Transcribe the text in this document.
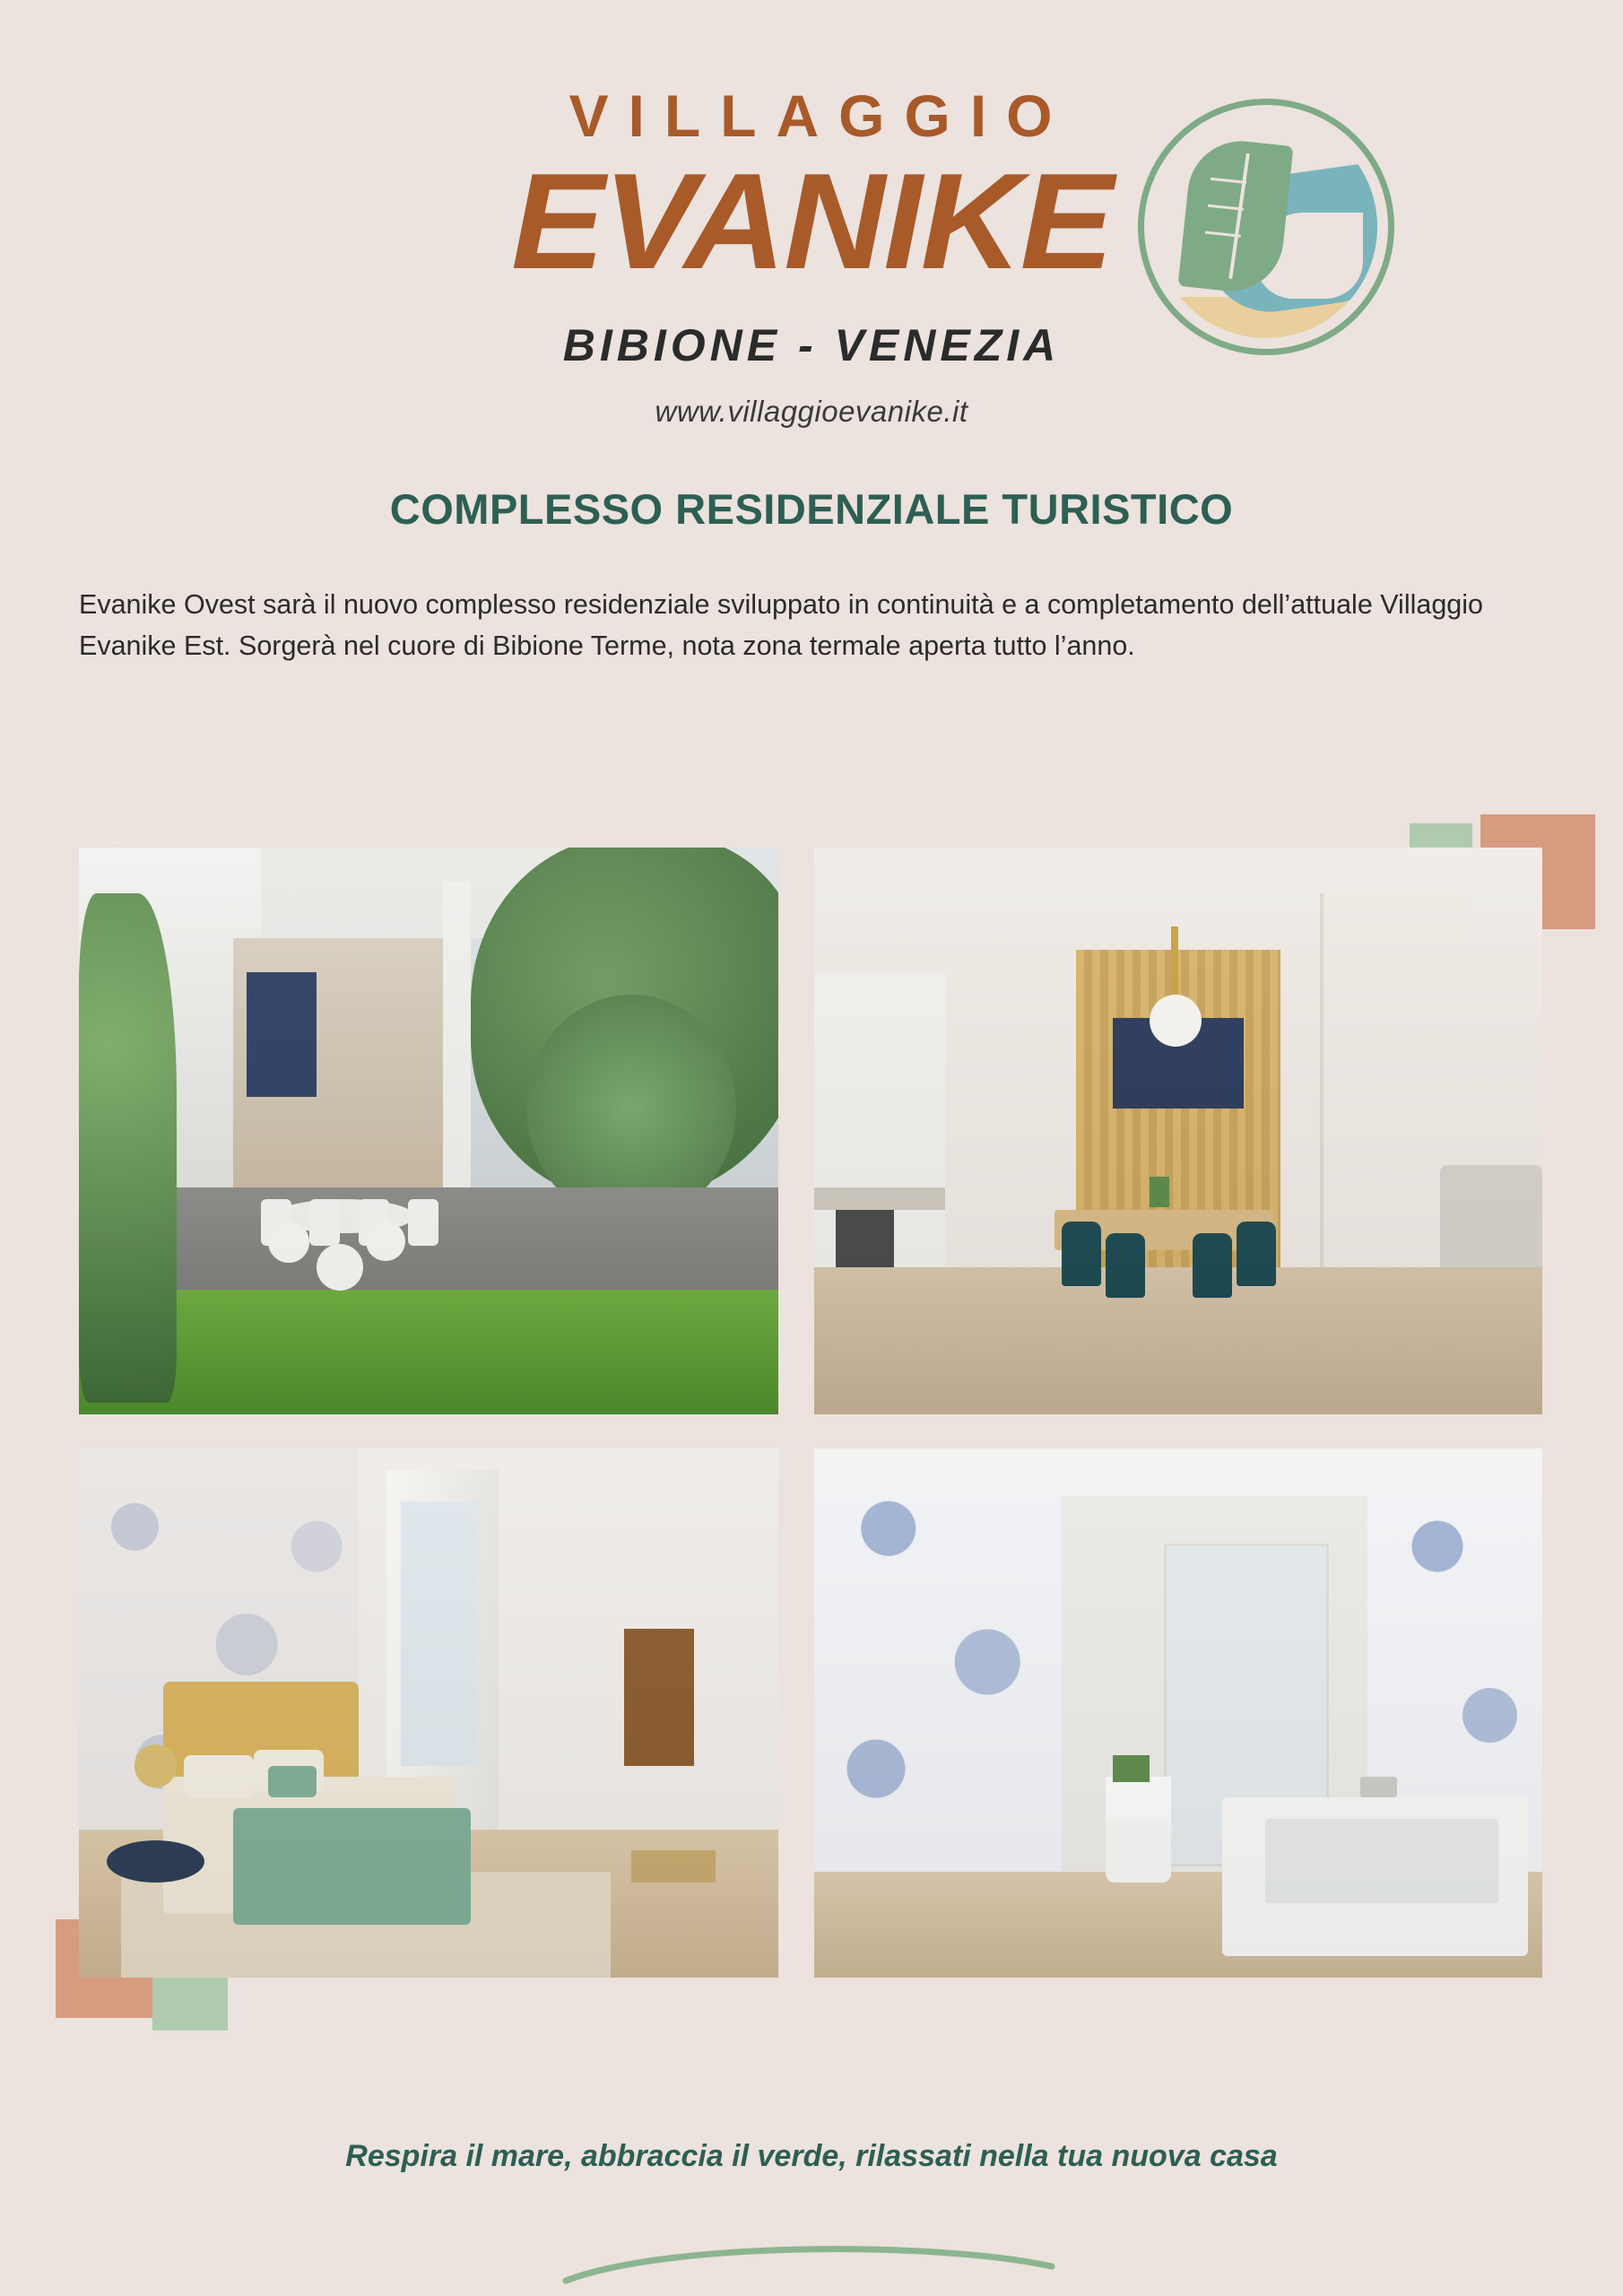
VILLAGGIO
EVANIKE
BIBIONE - VENEZIA
www.villaggioevanike.it
COMPLESSO RESIDENZIALE TURISTICO
Evanike Ovest sarà il nuovo complesso residenziale sviluppato in continuità e a completamento dell’attuale Villaggio Evanike Est. Sorgerà nel cuore di Bibione Terme, nota zona termale aperta tutto l’anno.
Respira il mare, abbraccia il verde, rilassati nella tua nuova casa
